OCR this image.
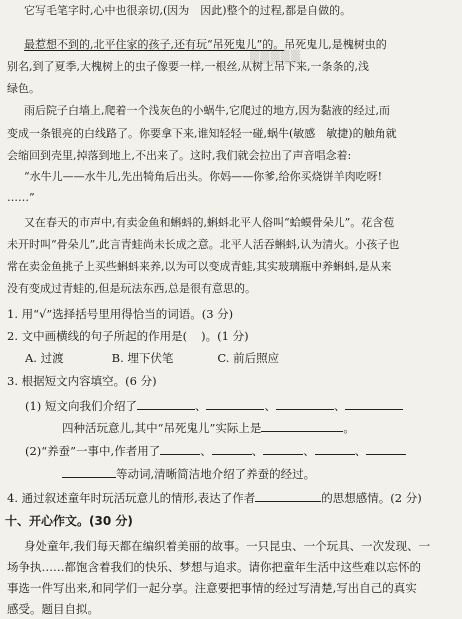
▒▒▒▒▒

它写毛笔字时,心中也很亲切,(因为　因此)整个的过程,都是自做的。

最惹想不到的,北平住家的孩子,还有玩“吊死鬼儿”的。吊死鬼儿,是槐树虫的

别名,到了夏季,大槐树上的虫子像要一样,一根丝,从树上吊下来,一条条的,浅

绿色。

雨后院子白墙上,爬着一个浅灰色的小蜗牛,它爬过的地方,因为黏液的经过,而

变成一条银亮的白线路了。你要拿下来,谁知轻轻一碰,蜗牛(敏感　敏捷)的触角就

会缩回到壳里,掉落到地上,不出来了。这时,我们就会拉出了声音唱念着:

“水牛儿——水牛儿,先出犄角后出头。你妈——你爹,给你买烧饼羊肉吃呀!

……”

又在春天的市声中,有卖金鱼和蝌蚪的,蝌蚪北平人俗叫“蛤蟆骨朵儿”。花含苞

未开时叫“骨朵儿”,此言青蛙尚未长成之意。北平人活吞蝌蚪,认为清火。小孩子也

常在卖金鱼挑子上买些蝌蚪来养,以为可以变成青蛙,其实玻璃瓶中养蝌蚪,是从来

没有变成过青蛙的,但是玩法东西,总是很有意思的。

1. 用“√”选择括号里用得恰当的词语。(3 分)

2. 文中画横线的句子所起的作用是( )。(1 分)

A. 过渡	B. 埋下伏笔	C. 前后照应

3. 根据短文内容填空。(6 分)

(1) 短文向我们介绍了	、	、	、

四种活玩意儿,其中“吊死鬼儿”实际上是	。

(2)“养蚕”一事中,作者用了	、	、	、	、

等动词,清晰简洁地介绍了养蚕的经过。

4. 通过叙述童年时玩活玩意儿的情形,表达了作者	的思想感情。(2 分)

十、开心作文。(30 分)

身处童年,我们每天都在编织着美丽的故事。一只昆虫、一个玩具、一次发现、一

场争执……都饱含着我们的快乐、梦想与追求。请你把童年生活中这些难以忘怀的

事选一件写出来,和同学们一起分享。注意要把事情的经过写清楚,写出自己的真实

感受。题目自拟。
